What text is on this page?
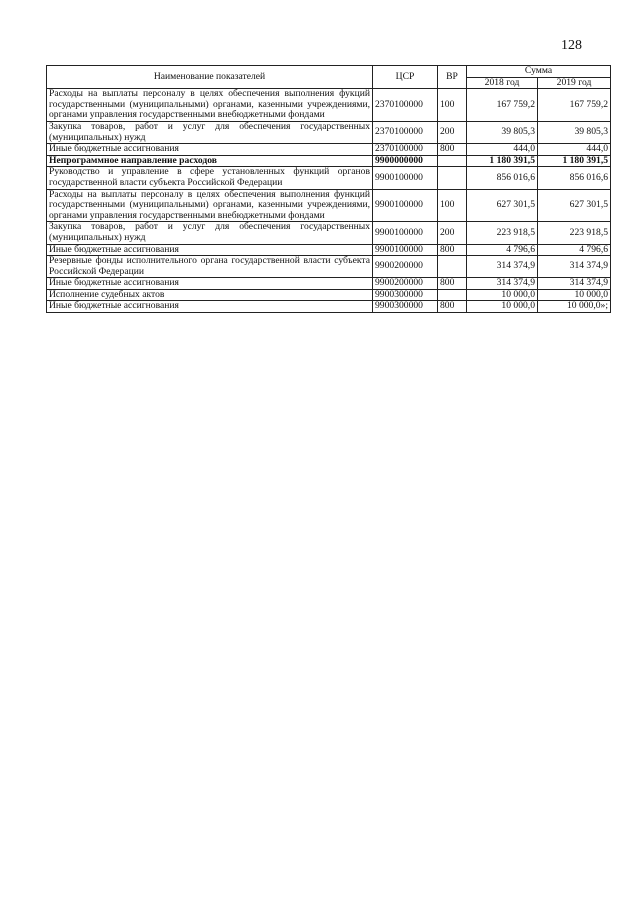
128
Наименование показателей	ЦСР	ВР	Сумма	
			2018 год	2019 год
Расходы на выплаты персоналу в целях обеспечения выполнения фукций государственными (муниципальными) органами, казенными учреждениями, органами управления государственными внебюджетными фондами	2370100000	100	167 759,2	167 759,2
Закупка товаров, работ и услуг для обеспечения государственных (муниципальных) нужд	2370100000	200	39 805,3	39 805,3
Иные бюджетные ассигнования	2370100000	800	444,0	444,0
Непрограммное направление расходов	9900000000		1 180 391,5	1 180 391,5
Руководство и управление в сфере установленных функций органов государственной власти субъекта Российской Федерации	9900100000		856 016,6	856 016,6
Расходы на выплаты персоналу в целях обеспечения выполнения функций государственными (муниципальными) органами, казенными учреждениями, органами управления государственными внебюджетными фондами	9900100000	100	627 301,5	627 301,5
Закупка товаров, работ и услуг для обеспечения государственных (муниципальных) нужд	9900100000	200	223 918,5	223 918,5
Иные бюджетные ассигнования	9900100000	800	4 796,6	4 796,6
Резервные фонды исполнительного органа государственной власти субъекта Российской Федерации	9900200000		314 374,9	314 374,9
Иные бюджетные ассигнования	9900200000	800	314 374,9	314 374,9
Исполнение судебных актов	9900300000		10 000,0	10 000,0
Иные бюджетные ассигнования	9900300000	800	10 000,0	10 000,0»;
